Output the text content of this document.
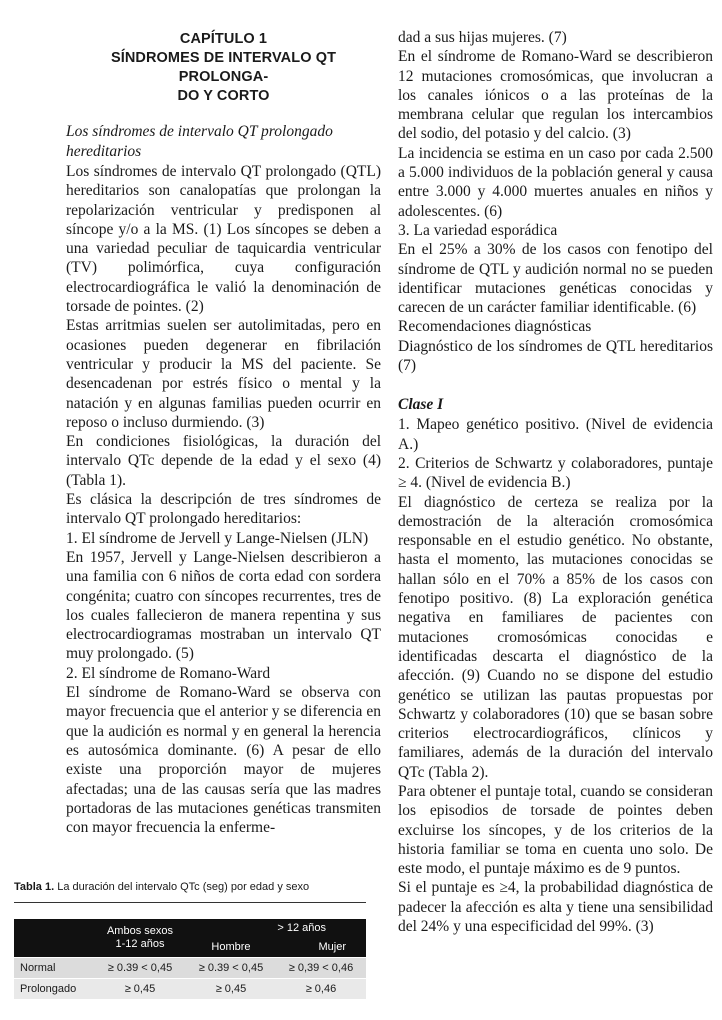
CAPÍTULO 1
SÍNDROMES DE INTERVALO QT PROLONGA-
DO Y CORTO

Los síndromes de intervalo QT prolongado hereditarios

Los síndromes de intervalo QT prolongado (QTL) hereditarios son canalopatías que prolongan la repolarización ventricular y predisponen al síncope y/o a la MS. (1) Los síncopes se deben a una variedad peculiar de taquicardia ventricular (TV) polimórfica, cuya configuración electrocardiográfica le valió la denominación de torsade de pointes. (2)

Estas arritmias suelen ser autolimitadas, pero en ocasiones pueden degenerar en fibrilación ventricular y producir la MS del paciente. Se desencadenan por estrés físico o mental y la natación y en algunas familias pueden ocurrir en reposo o incluso durmiendo. (3)

En condiciones fisiológicas, la duración del intervalo QTc depende de la edad y el sexo (4) (Tabla 1).

Es clásica la descripción de tres síndromes de intervalo QT prolongado hereditarios:

1. El síndrome de Jervell y Lange-Nielsen (JLN)

En 1957, Jervell y Lange-Nielsen describieron a una familia con 6 niños de corta edad con sordera congénita; cuatro con síncopes recurrentes, tres de los cuales fallecieron de manera repentina y sus electrocardiogramas mostraban un intervalo QT muy prolongado. (5)

2. El síndrome de Romano-Ward

El síndrome de Romano-Ward se observa con mayor frecuencia que el anterior y se diferencia en que la audición es normal y en general la herencia es autosómica dominante. (6) A pesar de ello existe una proporción mayor de mujeres afectadas; una de las causas sería que las madres portadoras de las mutaciones genéticas transmiten con mayor frecuencia la enferme-

dad a sus hijas mujeres. (7)

En el síndrome de Romano-Ward se describieron 12 mutaciones cromosómicas, que involucran a los canales iónicos o a las proteínas de la membrana celular que regulan los intercambios del sodio, del potasio y del calcio. (3)

La incidencia se estima en un caso por cada 2.500 a 5.000 individuos de la población general y causa entre 3.000 y 4.000 muertes anuales en niños y adolescentes. (6)

3. La variedad esporádica

En el 25% a 30% de los casos con fenotipo del síndrome de QTL y audición normal no se pueden identificar mutaciones genéticas conocidas y carecen de un carácter familiar identificable. (6)

Recomendaciones diagnósticas

Diagnóstico de los síndromes de QTL hereditarios (7)

Clase I

1. Mapeo genético positivo. (Nivel de evidencia A.)

2. Criterios de Schwartz y colaboradores, puntaje ≥ 4. (Nivel de evidencia B.)

El diagnóstico de certeza se realiza por la demostración de la alteración cromosómica responsable en el estudio genético. No obstante, hasta el momento, las mutaciones conocidas se hallan sólo en el 70% a 85% de los casos con fenotipo positivo. (8) La exploración genética negativa en familiares de pacientes con mutaciones cromosómicas conocidas e identificadas descarta el diagnóstico de la afección. (9) Cuando no se dispone del estudio genético se utilizan las pautas propuestas por Schwartz y colaboradores (10) que se basan sobre criterios electrocardiográficos, clínicos y familiares, además de la duración del intervalo QTc (Tabla 2).

Para obtener el puntaje total, cuando se consideran los episodios de torsade de pointes deben excluirse los síncopes, y de los criterios de la historia familiar se toma en cuenta uno solo. De este modo, el puntaje máximo es de 9 puntos.

Si el puntaje es ≥4, la probabilidad diagnóstica de padecer la afección es alta y tiene una sensibilidad del 24% y una especificidad del 99%. (3)

Tabla 1. La duración del intervalo QTc (seg) por edad y sexo

	Ambos sexos
1-12 años	> 12 años	
		Hombre	Mujer
Normal	≥ 0.39 < 0,45	≥ 0.39 < 0,45	≥ 0,39 < 0,46
Prolongado	≥ 0,45	≥ 0,45	≥ 0,46
